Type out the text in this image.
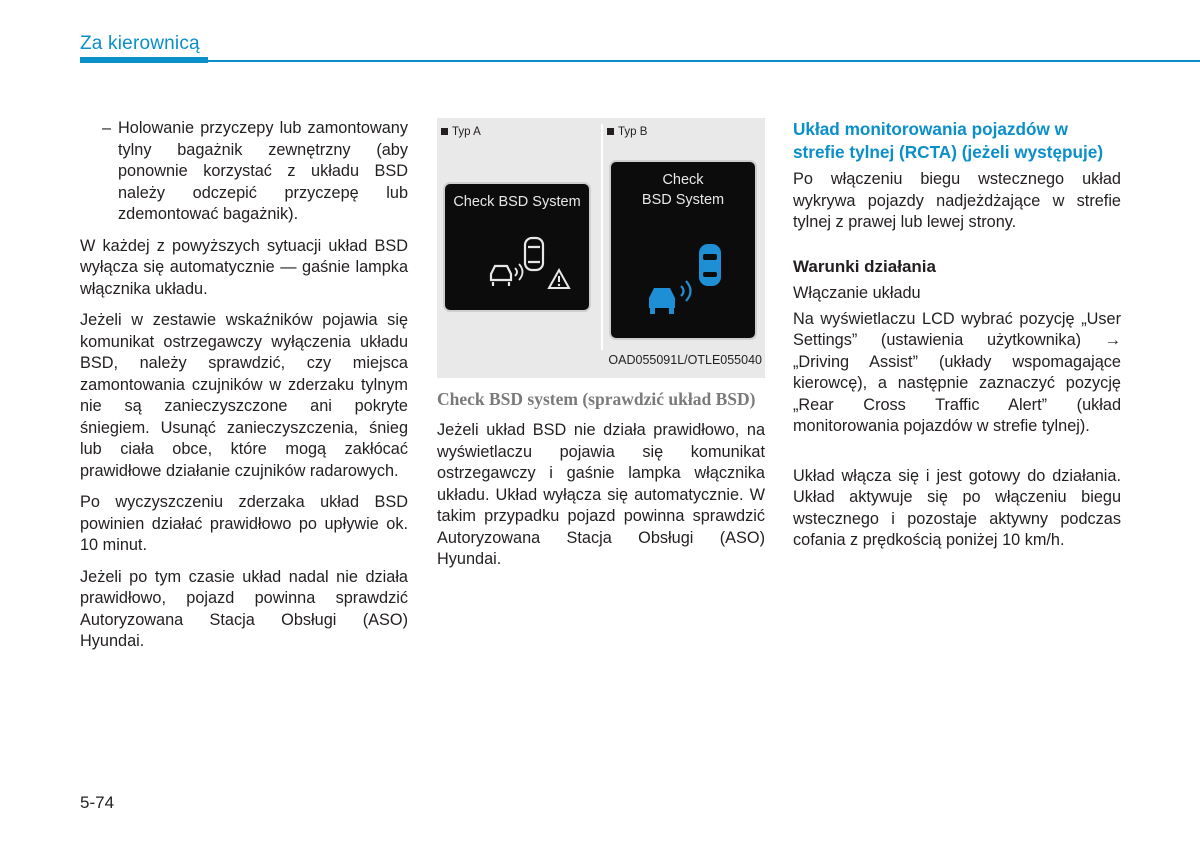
Za kierownicą
– Holowanie przyczepy lub zamontowany tylny bagażnik zewnętrzny (aby ponownie korzystać z układu BSD należy odczepić przyczepę lub zdemontować bagażnik).

W każdej z powyższych sytuacji układ BSD wyłącza się automatycznie — gaśnie lampka włącznika układu.

Jeżeli w zestawie wskaźników pojawia się komunikat ostrzegawczy wyłączenia układu BSD, należy sprawdzić, czy miejsca zamontowania czujników w zderzaku tylnym nie są zanieczyszczone ani pokryte śniegiem. Usunąć zanieczyszczenia, śnieg lub ciała obce, które mogą zakłócać prawidłowe działanie czujników radarowych.

Po wyczyszczeniu zderzaka układ BSD powinien działać prawidłowo po upływie ok. 10 minut.

Jeżeli po tym czasie układ nadal nie działa prawidłowo, pojazd powinna sprawdzić Autoryzowana Stacja Obsługi (ASO) Hyundai.

Typ A	Typ B
Check BSD System
Check
BSD System
OAD055091L/OTLE055040
Check BSD system (sprawdzić układ BSD)

Jeżeli układ BSD nie działa prawidłowo, na wyświetlaczu pojawia się komunikat ostrzegawczy i gaśnie lampka włącznika układu. Układ wyłącza się automatycznie. W takim przypadku pojazd powinna sprawdzić Autoryzowana Stacja Obsługi (ASO) Hyundai.

Układ monitorowania pojazdów w strefie tylnej (RCTA) (jeżeli występuje)

Po włączeniu biegu wstecznego układ wykrywa pojazdy nadjeżdżające w strefie tylnej z prawej lub lewej strony.

Warunki działania

Włączanie układu

Na wyświetlaczu LCD wybrać pozycję „User Settings” (ustawienia użytkownika) → „Driving Assist” (układy wspomagające kierowcę), a następnie zaznaczyć pozycję „Rear Cross Traffic Alert” (układ monitorowania pojazdów w strefie tylnej).

Układ włącza się i jest gotowy do działania. Układ aktywuje się po włączeniu biegu wstecznego i pozostaje aktywny podczas cofania z prędkością poniżej 10 km/h.

5-74
